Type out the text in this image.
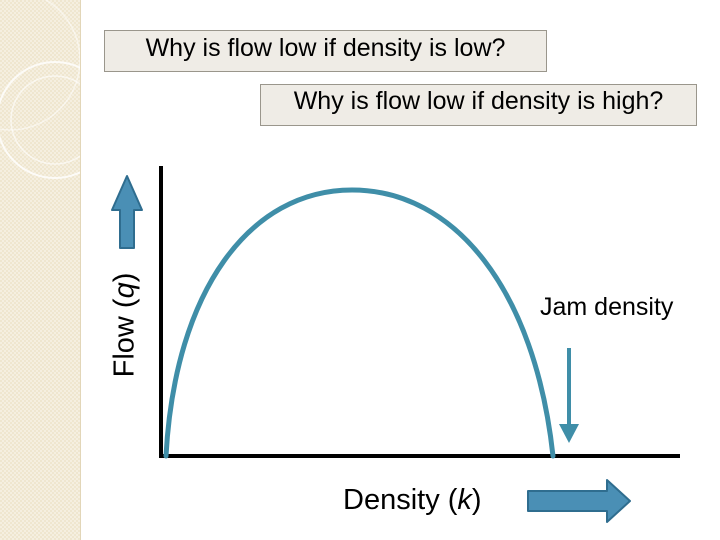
Why is flow low if density is low?
Why is flow low if density is high?
Jam density
Flow (q)
Density (k)
